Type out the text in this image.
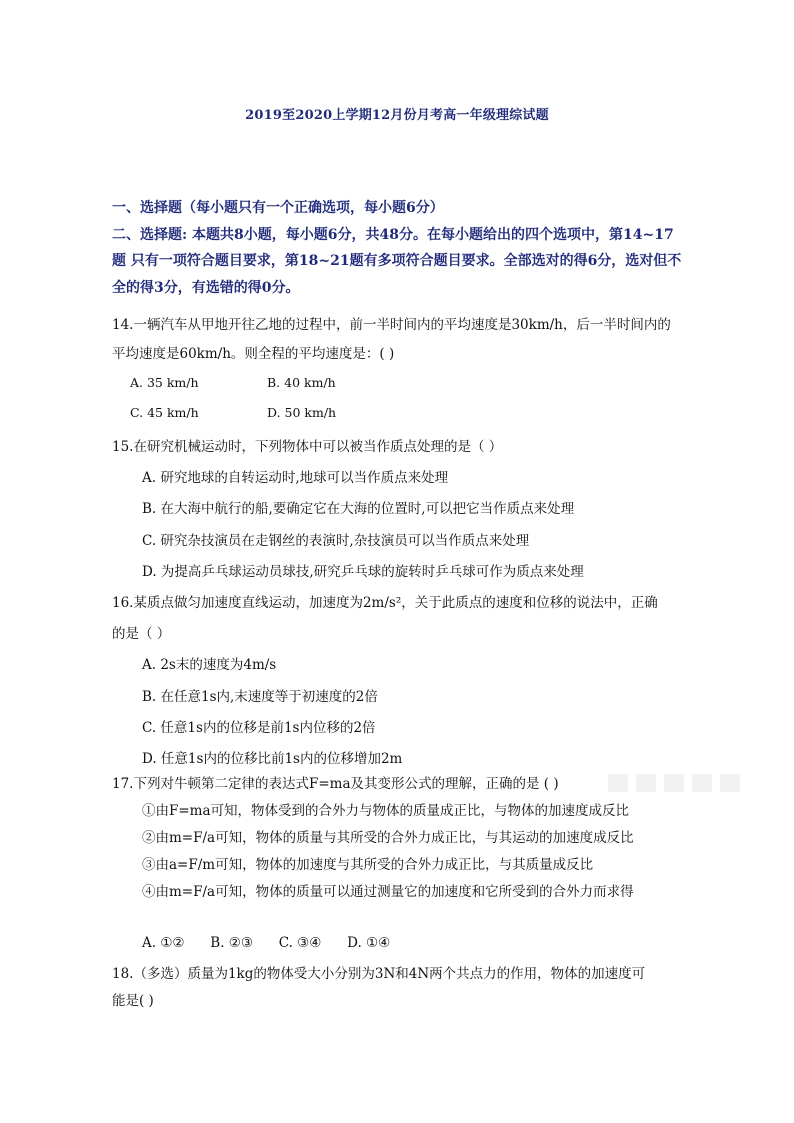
2019至2020上学期12月份月考高一年级理综试题
一、选择题（每小题只有一个正确选项，每小题6分）
二、选择题: 本题共8小题，每小题6分，共48分。在每小题给出的四个选项中，第14~17
题 只有一项符合题目要求，第18~21题有多项符合题目要求。全部选对的得6分，选对但不
全的得3分，有选错的得0分。
14.一辆汽车从甲地开往乙地的过程中，前一半时间内的平均速度是30km/h，后一半时间内的
平均速度是60km/h。则全程的平均速度是：( )
A. 35 km/h	B. 40 km/h
C. 45 km/h	D. 50 km/h
15.在研究机械运动时，下列物体中可以被当作质点处理的是（ ）
A. 研究地球的自转运动时,地球可以当作质点来处理
B. 在大海中航行的船,要确定它在大海的位置时,可以把它当作质点来处理
C. 研究杂技演员在走钢丝的表演时,杂技演员可以当作质点来处理
D. 为提高乒乓球运动员球技,研究乒乓球的旋转时乒乓球可作为质点来处理
16.某质点做匀加速度直线运动，加速度为2m/s²，关于此质点的速度和位移的说法中，正确
的是（ ）
A. 2s末的速度为4m/s
B. 在任意1s内,末速度等于初速度的2倍
C. 任意1s内的位移是前1s内位移的2倍
D. 任意1s内的位移比前1s内的位移增加2m
17.下列对牛顿第二定律的表达式F=ma及其变形公式的理解，正确的是 ( )
①由F=ma可知，物体受到的合外力与物体的质量成正比，与物体的加速度成反比
②由m=F/a可知，物体的质量与其所受的合外力成正比，与其运动的加速度成反比
③由a=F/m可知，物体的加速度与其所受的合外力成正比，与其质量成反比
④由m=F/a可知，物体的质量可以通过测量它的加速度和它所受到的合外力而求得
A. ①②      B. ②③      C. ③④      D. ①④
18.（多选）质量为1kg的物体受大小分别为3N和4N两个共点力的作用，物体的加速度可
能是( )
